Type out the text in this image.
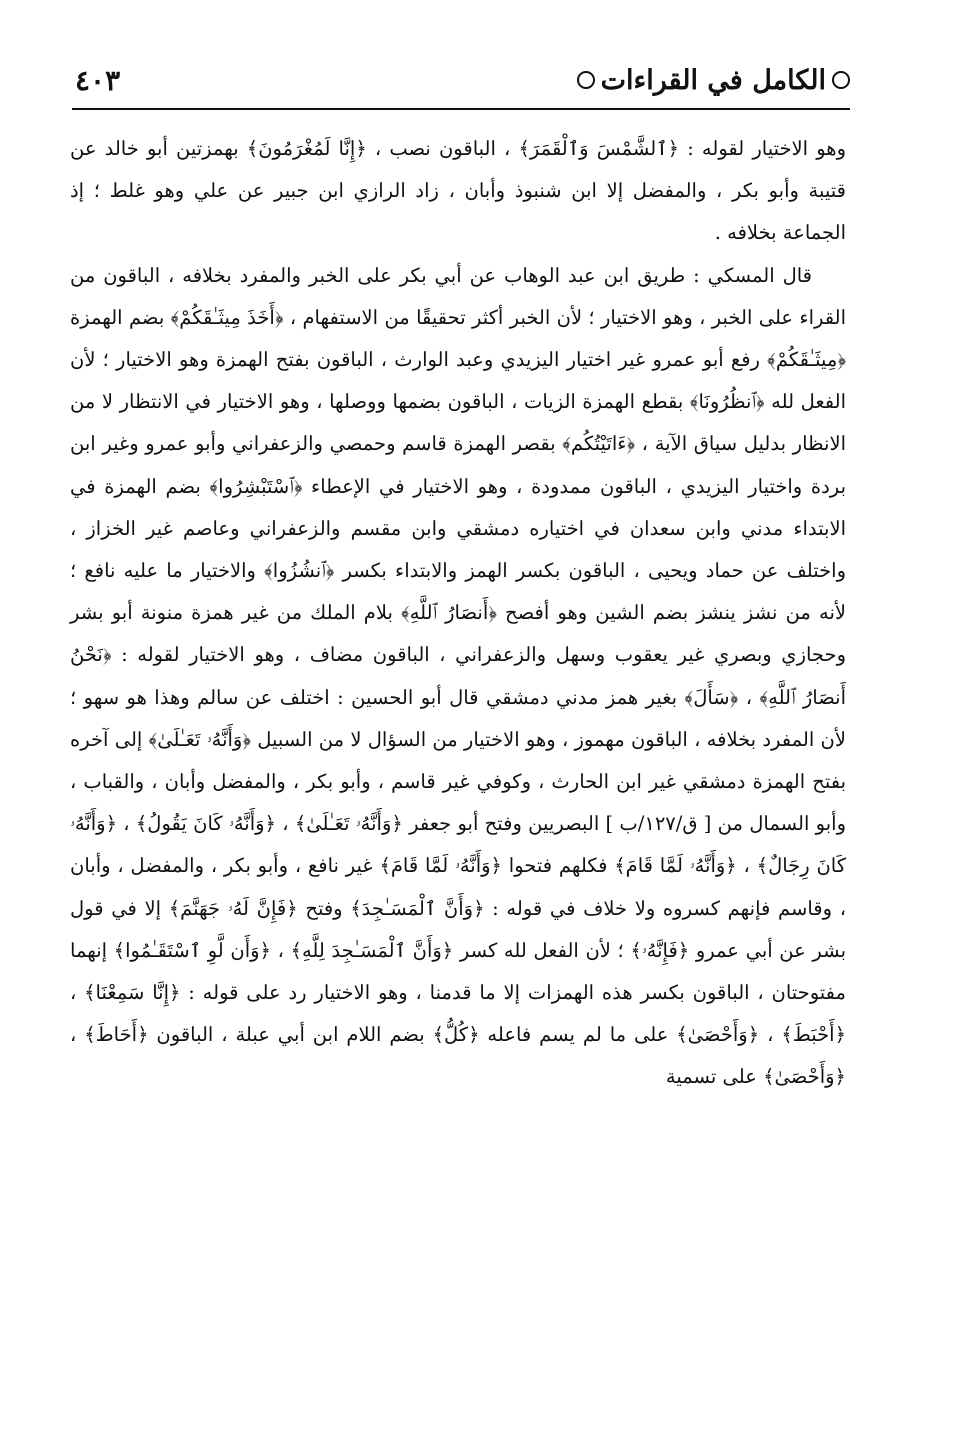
الكامل في القراءات
٤٠٣

وهو الاختيار لقوله : ﴿ٱلشَّمْسَ وَٱلْقَمَرَ﴾ ، الباقون نصب ، ﴿إِنَّا لَمُغْرَمُونَ﴾ بهمزتين أبو خالد عن قتيبة وأبو بكر ، والمفضل إلا ابن شنبوذ وأبان ، زاد الرازي ابن جبير عن علي وهو غلط ؛ إذ الجماعة بخلافه .

قال المسكي : طريق ابن عبد الوهاب عن أبي بكر على الخبر والمفرد بخلافه ، الباقون من القراء على الخبر ، وهو الاختيار ؛ لأن الخبر أكثر تحقيقًا من الاستفهام ، ﴿أَخَذَ مِيثَـٰقَكُمْ﴾ بضم الهمزة ﴿مِيثَـٰقَكُمْ﴾ رفع أبو عمرو غير اختيار اليزيدي وعبد الوارث ، الباقون بفتح الهمزة وهو الاختيار ؛ لأن الفعل لله ﴿ٱنظُرُونَا﴾ بقطع الهمزة الزيات ، الباقون بضمها ووصلها ، وهو الاختيار في الانتظار لا من الانظار بدليل سياق الآية ، ﴿ءَاتَيْتُكُم﴾ بقصر الهمزة قاسم وحمصي والزعفراني وأبو عمرو وغير ابن بردة واختيار اليزيدي ، الباقون ممدودة ، وهو الاختيار في الإعطاء ﴿ٱسْتَبْشِرُوا﴾ بضم الهمزة في الابتداء مدني وابن سعدان في اختياره دمشقي وابن مقسم والزعفراني وعاصم غير الخزاز ، واختلف عن حماد ويحيى ، الباقون بكسر الهمز والابتداء بكسر ﴿ٱنشُزُوا﴾ والاختيار ما عليه نافع ؛ لأنه من نشز ينشز بضم الشين وهو أفصح ﴿أَنصَارُ ٱللَّهِ﴾ بلام الملك من غير همزة منونة أبو بشر وحجازي وبصري غير يعقوب وسهل والزعفراني ، الباقون مضاف ، وهو الاختيار لقوله : ﴿نَحْنُ أَنصَارُ ٱللَّهِ﴾ ، ﴿سَأَلَ﴾ بغير همز مدني دمشقي قال أبو الحسين : اختلف عن سالم وهذا هو سهو ؛ لأن المفرد بخلافه ، الباقون مهموز ، وهو الاختيار من السؤال لا من السبيل ﴿وَأَنَّهُۥ تَعَـٰلَىٰ﴾ إلى آخره بفتح الهمزة دمشقي غير ابن الحارث ، وكوفي غير قاسم ، وأبو بكر ، والمفضل وأبان ، والقباب ، وأبو السمال من [ ق/١٢٧/ب ] البصريين وفتح أبو جعفر ﴿وَأَنَّهُۥ تَعَـٰلَىٰ﴾ ، ﴿وَأَنَّهُۥ كَانَ يَقُولُ﴾ ، ﴿وَأَنَّهُۥ كَانَ رِجَالٌ﴾ ، ﴿وَأَنَّهُۥ لَمَّا قَامَ﴾ فكلهم فتحوا ﴿وَأَنَّهُۥ لَمَّا قَامَ﴾ غير نافع ، وأبو بكر ، والمفضل ، وأبان ، وقاسم فإنهم كسروه ولا خلاف في قوله : ﴿وَأَنَّ ٱلْمَسَـٰجِدَ﴾ وفتح ﴿فَإِنَّ لَهُۥ جَهَنَّمَ﴾ إلا في قول بشر عن أبي عمرو ﴿فَإِنَّهُۥ﴾ ؛ لأن الفعل لله كسر ﴿وَأَنَّ ٱلْمَسَـٰجِدَ لِلَّهِ﴾ ، ﴿وَأَن لَّوِ ٱسْتَقَـٰمُوا﴾ إنهما مفتوحتان ، الباقون بكسر هذه الهمزات إلا ما قدمنا ، وهو الاختيار رد على قوله : ﴿إِنَّا سَمِعْنَا﴾ ، ﴿أَحْبَطَ﴾ ، ﴿وَأَحْصَىٰ﴾ على ما لم يسم فاعله ﴿كُلُّ﴾ بضم اللام ابن أبي عبلة ، الباقون ﴿أَحَاطَ﴾ ، ﴿وَأَحْصَىٰ﴾ على تسمية
